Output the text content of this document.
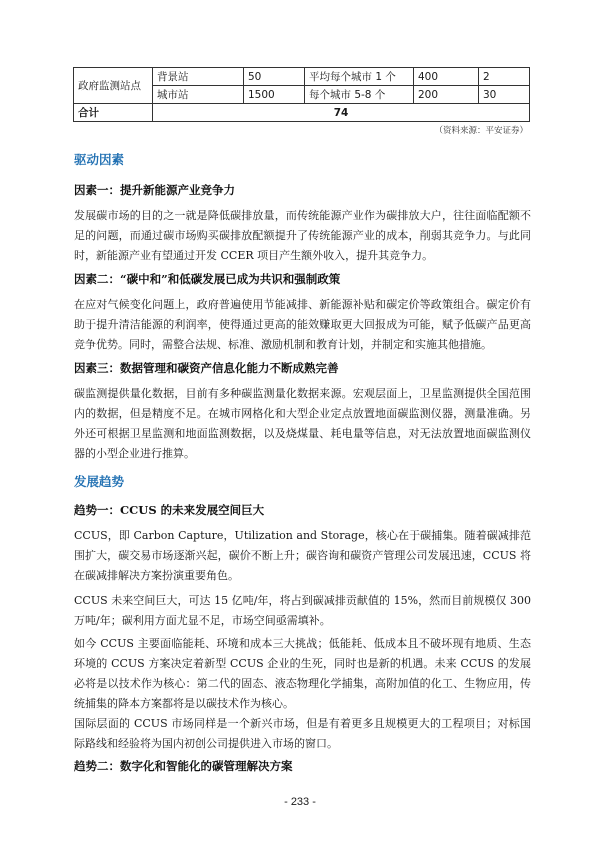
政府监测站点	背景站	50	平均每个城市 1 个	400	2
	城市站	1500	每个城市 5-8 个	200	30
合计	74				
（资料来源：平安证券）
驱动因素
因素一：提升新能源产业竞争力

发展碳市场的目的之一就是降低碳排放量，而传统能源产业作为碳排放大户，往往面临配额不足的问题，而通过碳市场购买碳排放配额提升了传统能源产业的成本，削弱其竞争力。与此同时，新能源产业有望通过开发 CCER 项目产生额外收入，提升其竞争力。

因素二：“碳中和”和低碳发展已成为共识和强制政策

在应对气候变化问题上，政府普遍使用节能减排、新能源补贴和碳定价等政策组合。碳定价有助于提升清洁能源的利润率，使得通过更高的能效赚取更大回报成为可能，赋予低碳产品更高竞争优势。同时，需整合法规、标准、激励机制和教育计划，并制定和实施其他措施。

因素三：数据管理和碳资产信息化能力不断成熟完善

碳监测提供量化数据，目前有多种碳监测量化数据来源。宏观层面上，卫星监测提供全国范围内的数据，但是精度不足。在城市网格化和大型企业定点放置地面碳监测仪器，测量准确。另外还可根据卫星监测和地面监测数据，以及烧煤量、耗电量等信息，对无法放置地面碳监测仪器的小型企业进行推算。

发展趋势
趋势一：CCUS 的未来发展空间巨大

CCUS，即 Carbon Capture，Utilization and Storage，核心在于碳捕集。随着碳减排范围扩大，碳交易市场逐渐兴起，碳价不断上升；碳咨询和碳资产管理公司发展迅速，CCUS 将在碳减排解决方案扮演重要角色。

CCUS 未来空间巨大，可达 15 亿吨/年，将占到碳减排贡献值的 15%，然而目前规模仅 300 万吨/年；碳利用方面尤显不足，市场空间亟需填补。

如今 CCUS 主要面临能耗、环境和成本三大挑战；低能耗、低成本且不破坏现有地质、生态环境的 CCUS 方案决定着新型 CCUS 企业的生死，同时也是新的机遇。未来 CCUS 的发展必将是以技术作为核心：第二代的固态、液态物理化学捕集，高附加值的化工、生物应用，传统捕集的降本方案都将是以碳技术作为核心。

国际层面的 CCUS 市场同样是一个新兴市场，但是有着更多且规模更大的工程项目；对标国际路线和经验将为国内初创公司提供进入市场的窗口。

趋势二：数字化和智能化的碳管理解决方案
- 233 -
